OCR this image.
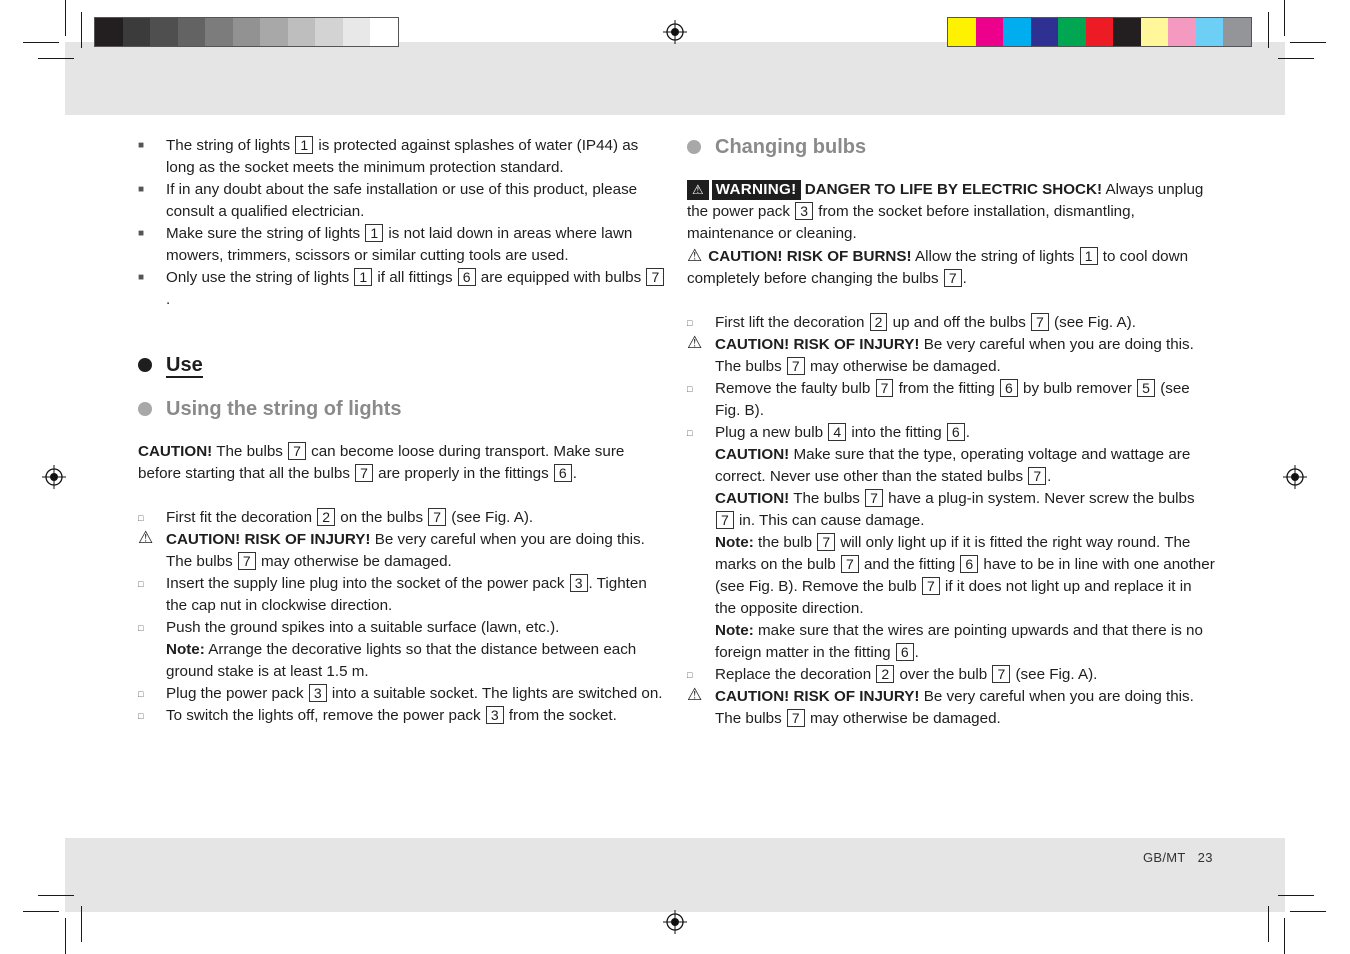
■	The string of lights 1 is protected against splashes of water (IP44) as long as the socket meets the minimum protection standard.
■	If in any doubt about the safe installation or use of this product, please consult a qualified electrician.
■	Make sure the string of lights 1 is not laid down in areas where lawn mowers, trimmers, scissors or similar cutting tools are used.
■	Only use the string of lights 1 if all fittings 6 are equipped with bulbs 7.
Use
Using the string of lights
CAUTION! The bulbs 7 can become loose during transport. Make sure before starting that all the bulbs 7 are properly in the fittings 6 .
□	First fit the decoration 2 on the bulbs 7 (see Fig. A).
⚠ CAUTION! RISK OF INJURY! Be very careful when you are doing this. The bulbs 7 may otherwise be damaged.
□	Insert the supply line plug into the socket of the power pack 3 . Tighten the cap nut in clockwise direction.
□	Push the ground spikes into a suitable surface (lawn, etc.).
Note: Arrange the decorative lights so that the distance between each ground stake is at least 1.5 m.
□	Plug the power pack 3 into a suitable socket. The lights are switched on.
□	To switch the lights off, remove the power pack 3 from the socket.
Changing bulbs
⚠ WARNING! DANGER TO LIFE BY ELECTRIC SHOCK! Always unplug the power pack 3 from the socket before installation, dismantling, maintenance or cleaning.
⚠ CAUTION! RISK OF BURNS! Allow the string of lights 1 to cool down completely before changing the bulbs 7 .
□	First lift the decoration 2 up and off the bulbs 7 (see Fig. A).
⚠ CAUTION! RISK OF INJURY! Be very careful when you are doing this. The bulbs 7 may otherwise be damaged.
□	Remove the faulty bulb 7 from the fitting 6 by bulb remover 5 (see Fig. B).
□	Plug a new bulb 4 into the fitting 6 .
CAUTION! Make sure that the type, operating voltage and wattage are correct. Never use other than the stated bulbs 7 .
CAUTION! The bulbs 7 have a plug-in system. Never screw the bulbs 7 in. This can cause damage.
Note: the bulb 7 will only light up if it is fitted the right way round. The marks on the bulb 7 and the fitting 6 have to be in line with one another (see Fig. B). Remove the bulb 7 if it does not light up and replace it in the opposite direction.
Note: make sure that the wires are pointing upwards and that there is no foreign matter in the fitting 6 .
□	Replace the decoration 2 over the bulb 7 (see Fig. A).
⚠ CAUTION! RISK OF INJURY! Be very careful when you are doing this. The bulbs 7 may otherwise be damaged.
GB/MT 23
